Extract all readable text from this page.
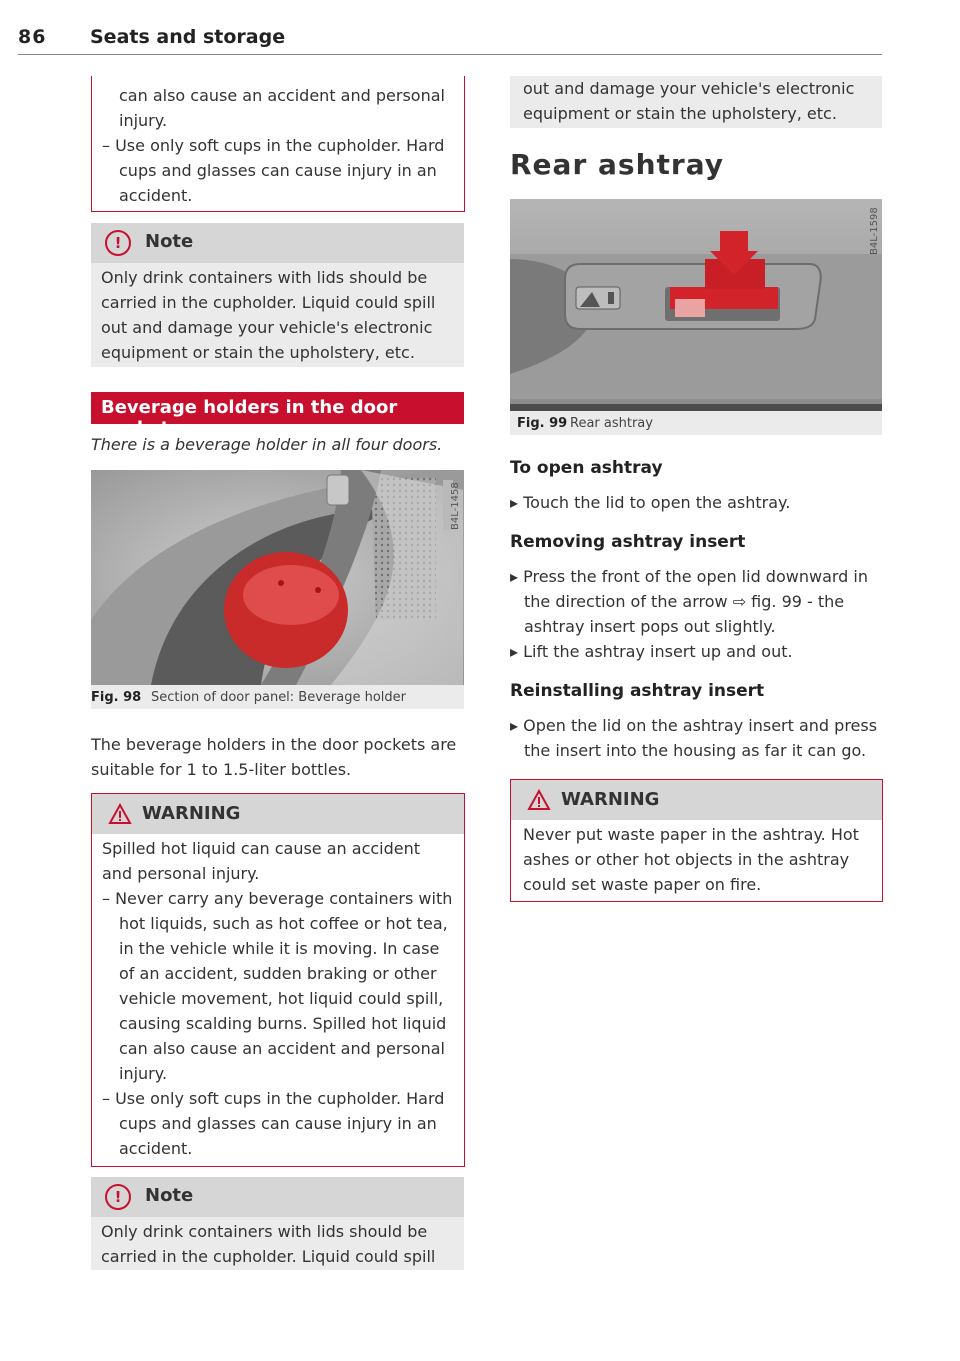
86 Seats and storage
can also cause an accident and personal
injury.
– Use only soft cups in the cupholder. Hard
cups and glasses can cause injury in an
accident.
!	Note
Only drink containers with lids should be
carried in the cupholder. Liquid could spill
out and damage your vehicle's electronic
equipment or stain the upholstery, etc.
Beverage holders in the door pockets
There is a beverage holder in all four doors.
B4L-1458
Fig. 98 Section of door panel: Beverage holder
The beverage holders in the door pockets are
suitable for 1 to 1.5-liter bottles.
WARNING
Spilled hot liquid can cause an accident
and personal injury.
– Never carry any beverage containers with
hot liquids, such as hot coffee or hot tea,
in the vehicle while it is moving. In case
of an accident, sudden braking or other
vehicle movement, hot liquid could spill,
causing scalding burns. Spilled hot liquid
can also cause an accident and personal
injury.
– Use only soft cups in the cupholder. Hard
cups and glasses can cause injury in an
accident.
!	Note
Only drink containers with lids should be
carried in the cupholder. Liquid could spill
out and damage your vehicle's electronic
equipment or stain the upholstery, etc.
Rear ashtray
B4L-1598
Fig. 99 Rear ashtray
To open ashtray
▸ Touch the lid to open the ashtray.
Removing ashtray insert
▸ Press the front of the open lid downward in
the direction of the arrow ⇨ fig. 99 - the
ashtray insert pops out slightly.
▸ Lift the ashtray insert up and out.
Reinstalling ashtray insert
▸ Open the lid on the ashtray insert and press
the insert into the housing as far it can go.
WARNING
Never put waste paper in the ashtray. Hot
ashes or other hot objects in the ashtray
could set waste paper on fire.
